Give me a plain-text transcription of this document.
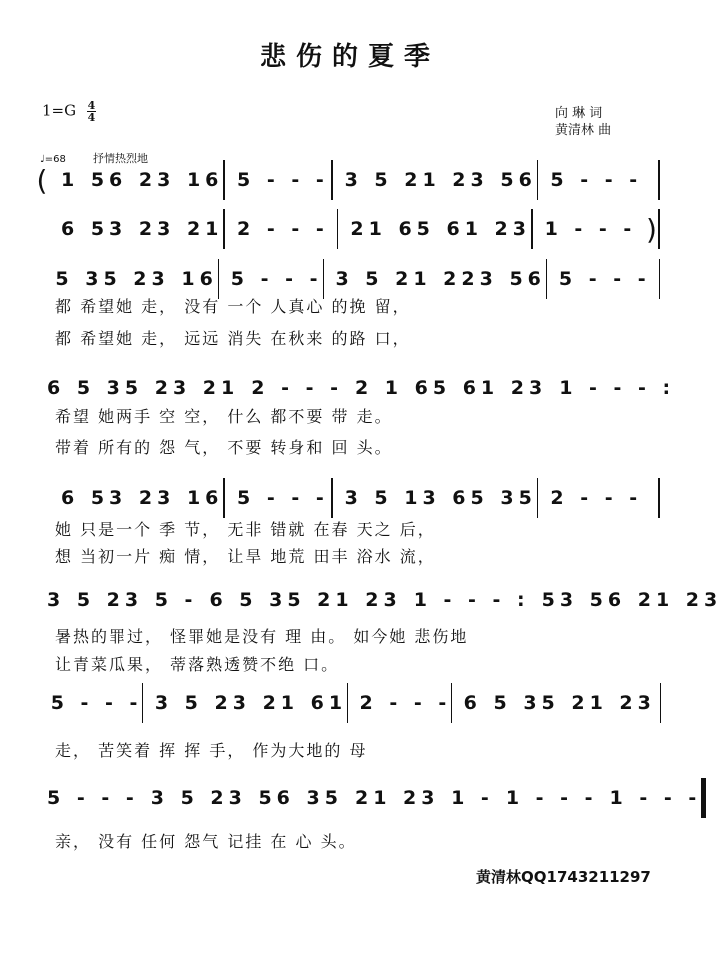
悲伤的夏季
$1=G \frac{4}{4}$	向 琳 词
黄清林 曲
♩=68 抒情热烈地
( 1 56 23 16 5 - - - 3 5 21 23 56 5 - - -
6 53 23 21 2 - - -	21 65 61 23 1 - - - )
5 35 23 16 5 - - - 3 5 21 223 56 5 - - -
6 5 35 23 21 2 - - - 2 1 65 61 23 1 - - - :
6 53 23 16 5 - - - 3 5 13 65 35 2 - - -
3 5 23 5 - 6 5 35 21 23 1 - - - : 53 56 21 23
5 - - - 3 5 23 21 61 2 - - - 6 5 35 21 23
5 - - - 3 5 23 56 35 21 23 1 - 1 - - - 1 - - -
都 希望她 走， 没有 一个 人真心 的挽 留，
都 希望她 走， 远远 消失 在秋来 的路 口，
希望 她两手 空 空， 什么 都不要 带 走。
带着 所有的 怨 气， 不要 转身和 回 头。
她 只是一个 季 节， 无非 错就 在春 天之 后，
想 当初一片 痴 情， 让旱 地荒 田丰 浴水 流，
暑热的罪过， 怪罪她是没有 理 由。 如今她 悲伤地
让青菜瓜果， 蒂落熟透赞不绝 口。
走， 苦笑着 挥 挥 手， 作为大地的 母
亲， 没有 任何 怨气 记挂 在 心 头。
黄清林QQ1743211297
